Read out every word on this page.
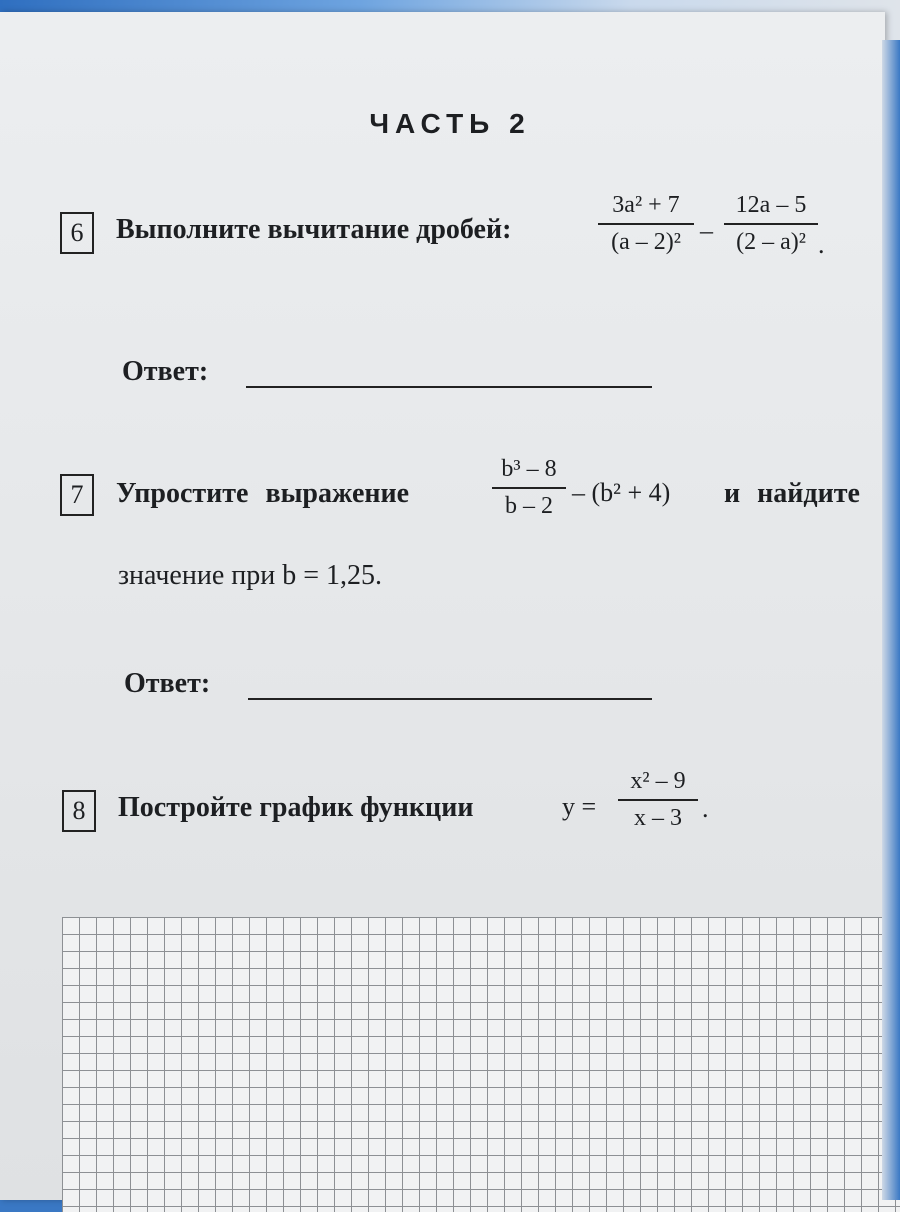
ЧАСТЬ 2
6	Выполните вычитание дробей:	$\frac{\text{3a² + 7}}{\text{(a – 2)²}} - \frac{12a - 5}{\text{(2 – a)²}}$ .
Ответ:
7	Упростите выражение	$\frac{\text{b³ – 8}}{b - 2} - (b^2 + 4)$ и найдите
значение при b = 1,25.
Ответ:
8	Постройте график функции	$y = \frac{\text{x² – 9}}{x - 3}$ .
